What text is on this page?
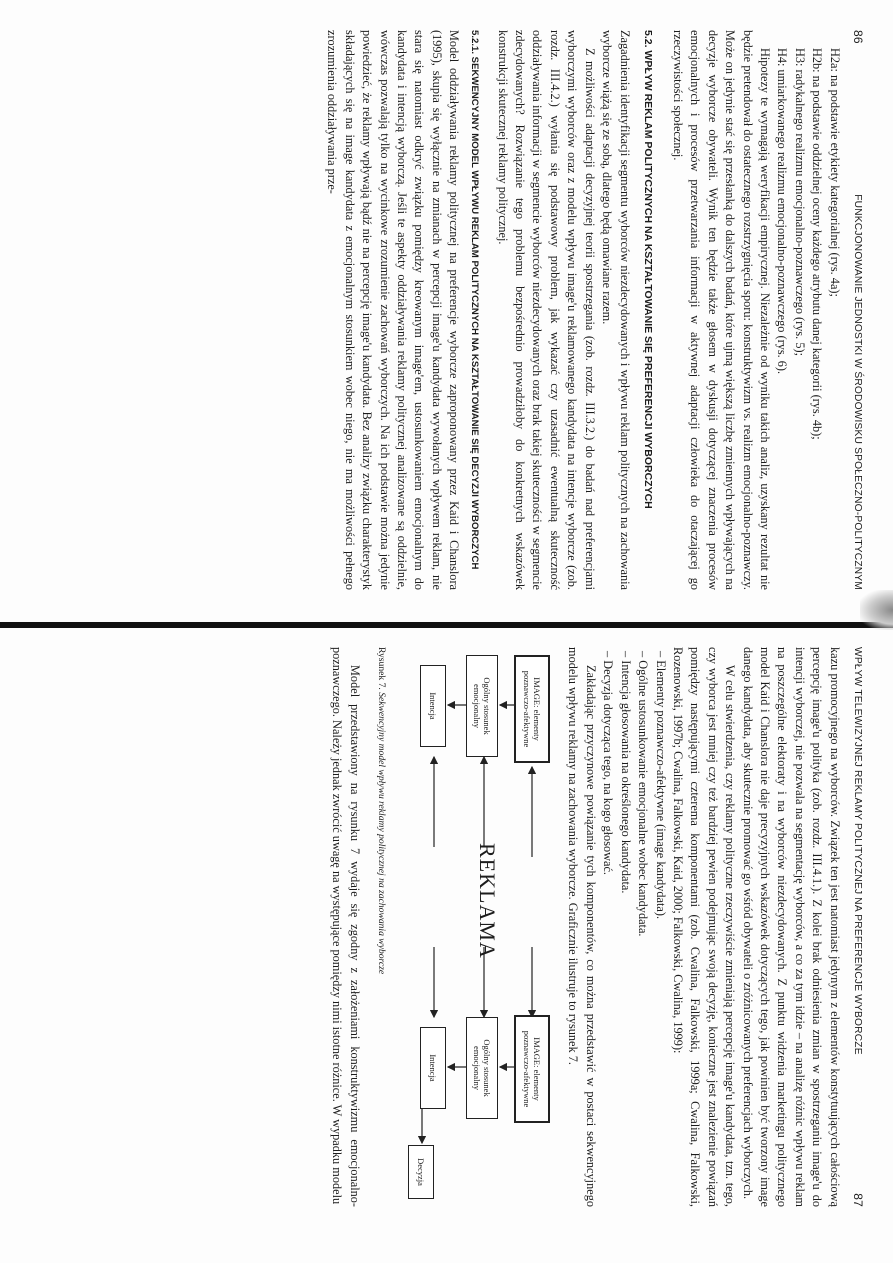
86
FUNKCJONOWANIE JEDNOSTKI W ŚRODOWISKU SPOŁECZNO-POLITYCZNYM

H2a: na podstawie etykiety kategorialnej (rys. 4a);

H2b: na podstawie oddzielnej oceny każdego atrybutu danej kategorii (rys. 4b);

H3: radykalnego realizmu emocjonalno-poznawczego (rys. 5);

H4: umiarkowanego realizmu emocjonalno-poznawczego (rys. 6).

Hipotezy te wymagają weryfikacji empirycznej. Niezależnie od wyniku takich analiz, uzyskany rezultat nie będzie pretendował do ostatecznego rozstrzygnięcia sporu: konstruktywizm vs. realizm emocjonalno-poznawczy. Może on jedynie stać się przesłanką do dalszych badań, które ujmą większą liczbę zmiennych wpływających na decyzje wyborcze obywateli. Wynik ten będzie także głosem w dyskusji dotyczącej znaczenia procesów emocjonalnych i procesów przetwarzania informacji w aktywnej adaptacji człowieka do otaczającej go rzeczywistości społecznej.

5.2. WPŁYW REKLAM POLITYCZNYCH NA KSZTAŁTOWANIE SIĘ PREFERENCJI WYBORCZYCH

Zagadnienia identyfikacji segmentu wyborców niezdecydowanych i wpływu reklam politycznych na zachowania wyborcze wiążą się ze sobą, dlatego będą omawiane razem.

Z możliwości adaptacji decyzyjnej teorii spostrzegania (zob. rozdz. III.3.2.) do badań nad preferencjami wyborczymi wyborców oraz z modelu wpływu image'u reklamowanego kandydata na intencje wyborcze (zob. rozdz. III.4.2.) wyłania się podstawowy problem, jak wykazać czy uzasadnić ewentualną skuteczność oddziaływania informacji w segmencie wyborców niezdecydowanych oraz brak takiej skuteczności w segmencie zdecydowanych? Rozwiązanie tego problemu bezpośrednio prowadziłoby do konkretnych wskazówek konstrukcji skutecznej reklamy politycznej.

5.2.1. SEKWENCYJNY MODEL WPŁYWU REKLAM POLITYCZNYCH NA KSZTAŁTOWANIE SIĘ DECYZJI WYBORCZYCH

Model oddziaływania reklamy politycznej na preferencje wyborcze zaproponowany przez Kaid i Chanslora (1995), skupia się wyłącznie na zmianach w percepcji image'u kandydata wywołanych wpływem reklam, nie stara się natomiast odkryć związku pomiędzy kreowanym image'em, ustosunkowaniem emocjonalnym do kandydata i intencją wyborczą. Jeśli te aspekty oddziaływania reklamy politycznej analizowane są oddzielnie, wówczas pozwalają tylko na wycinkowe zrozumienie zachowań wyborczych. Na ich podstawie można jedynie powiedzieć, że reklamy wpływają bądź nie na percepcję image'u kandydata. Bez analizy związku charakterystyk składających się na image kandydata z emocjonalnym stosunkiem wobec niego, nie ma możliwości pełnego zrozumienia oddziaływania prze-

WPŁYW TELEWIZYJNEJ REKLAMY POLITYCZNEJ NA PREFERENCJE WYBORCZE
87

kazu promocyjnego na wyborców. Związek ten jest natomiast jedynym z elementów konstytuujących całościową percepcję image'u polityka (zob. rozdz. III.4.1.). Z kolei brak odniesienia zmian w spostrzeganiu image'u do intencji wyborczej, nie pozwala na segmentację wyborców, a co za tym idzie – na analizę różnic wpływu reklam na poszczególne elektoraty i na wyborców niezdecydowanych. Z punktu widzenia marketingu politycznego model Kaid i Chanslora nie daje precyzyjnych wskazówek dotyczących tego, jak powinien być tworzony image danego kandydata, aby skutecznie promować go wśród obywateli o zróżnicowanych preferencjach wyborczych.

W celu stwierdzenia, czy reklamy polityczne rzeczywiście zmieniają percepcję image'u kandydata, tzn. tego, czy wyborca jest mniej czy też bardziej pewien podejmując swoją decyzję, konieczne jest znalezienie powiązań pomiędzy następującymi czterema komponentami (zob. Cwalina, Falkowski, 1999a; Cwalina, Falkowski, Rozenowski, 1997b; Cwalina, Falkowski, Kaid, 2000; Falkowski, Cwalina, 1999):

– Elementy poznawczo-afektywne (image kandydata).
– Ogólne ustosunkowanie emocjonalne wobec kandydata.
– Intencja głosowania na określonego kandydata.
– Decyzja dotycząca tego, na kogo głosować.

Zakładając przyczynowe powiązanie tych komponentów, co można przedstawić w postaci sekwencyjnego modelu wpływu reklamy na zachowania wyborcze. Graficznie ilustruje to rysunek 7.

IMAGE: elementy poznawczo-afektywne
Ogólny stosunek emocjonalny
Intencja
REKLAMA
IMAGE: elementy poznawczo-afektywne
Ogólny stosunek emocjonalny
Intencja
Decyzja

Rysunek 7. Sekwencyjny model wpływu reklamy politycznej na zachowania wyborcze

Model przedstawiony na rysunku 7 wydaje się zgodny z założeniami konstruktywizmu emocjonalno-poznawczego. Należy jednak zwrócić uwagę na występujące pomiędzy nimi istotne różnice. W wypadku modelu
